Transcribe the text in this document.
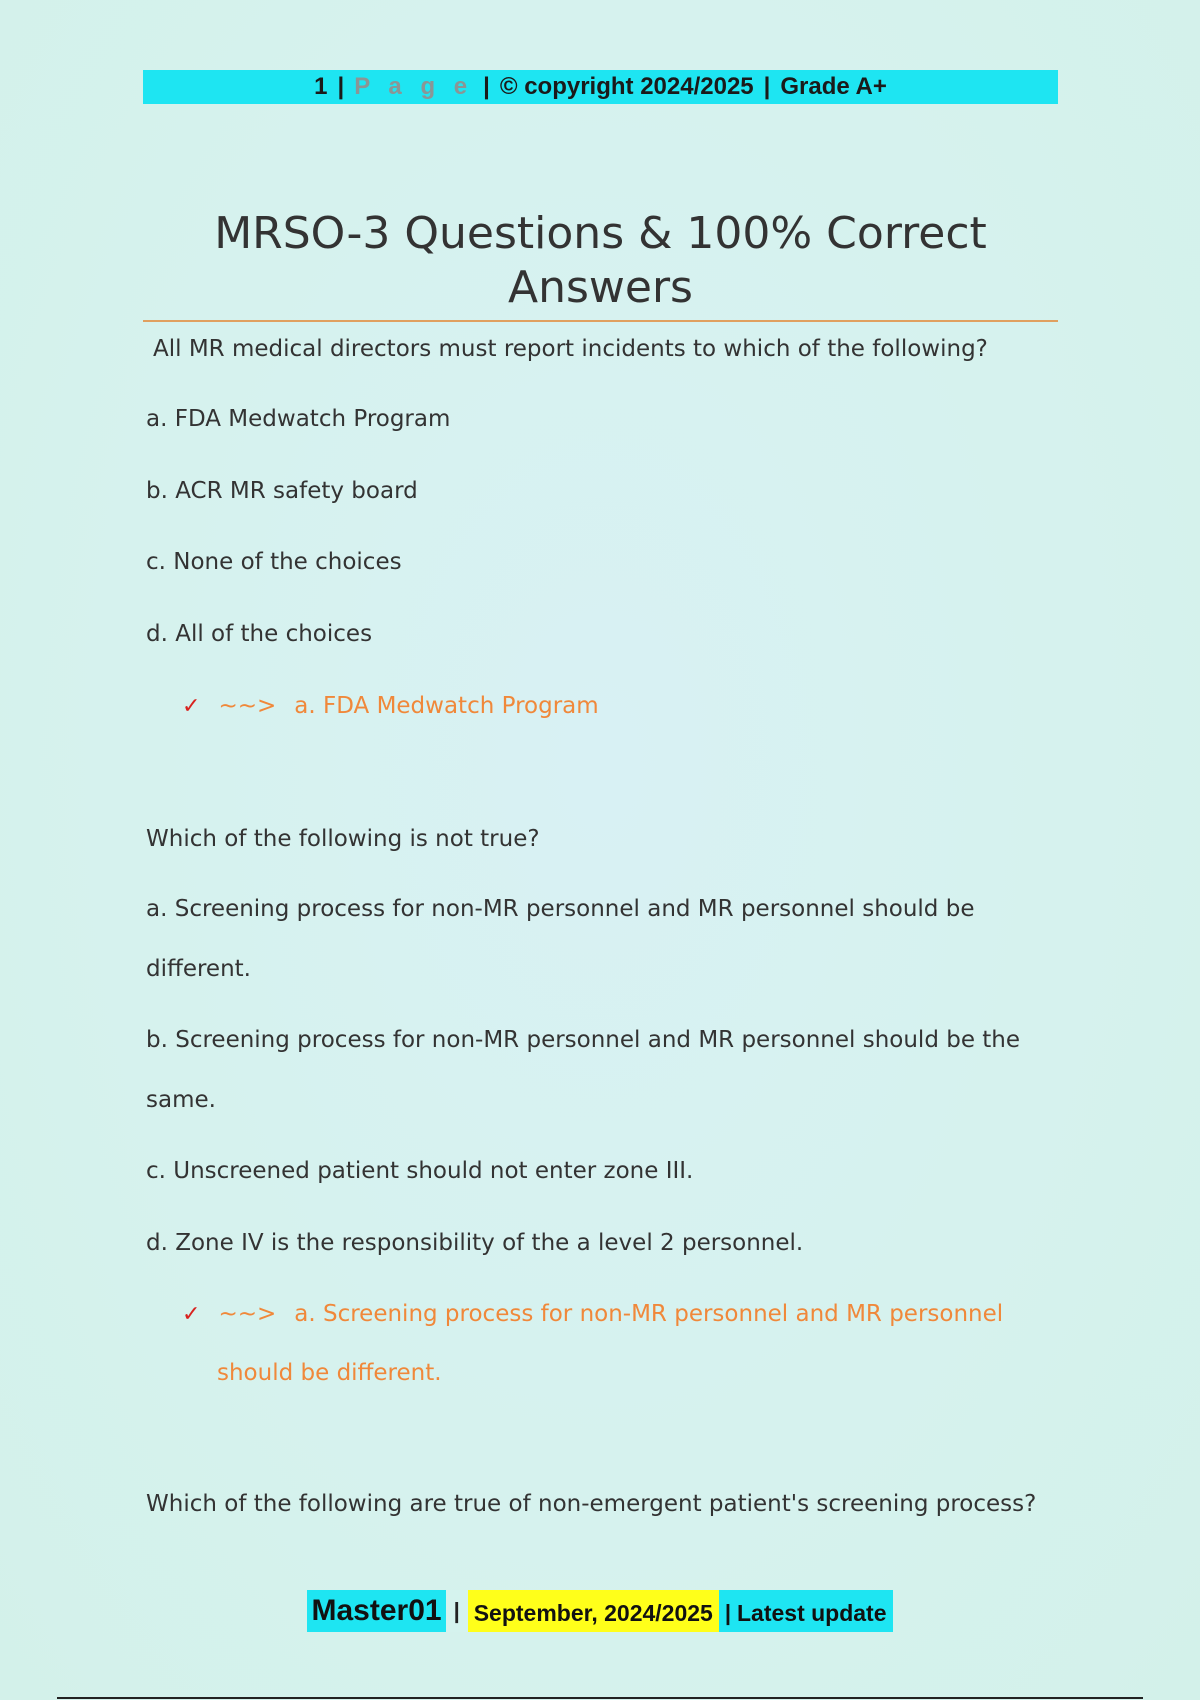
1 | P a g e | © copyright 2024/2025 | Grade A+
MRSO-3 Questions & 100% Correct
Answers
All MR medical directors must report incidents to which of the following?
a. FDA Medwatch Program
b. ACR MR safety board
c. None of the choices
d. All of the choices
✓ ~~> a. FDA Medwatch Program
Which of the following is not true?
a. Screening process for non-MR personnel and MR personnel should be
different.
b. Screening process for non-MR personnel and MR personnel should be the
same.
c. Unscreened patient should not enter zone III.
d. Zone IV is the responsibility of the a level 2 personnel.
✓ ~~> a. Screening process for non-MR personnel and MR personnel
should be different.
Which of the following are true of non-emergent patient's screening process?
Master01 | September, 2024/2025 | Latest update
